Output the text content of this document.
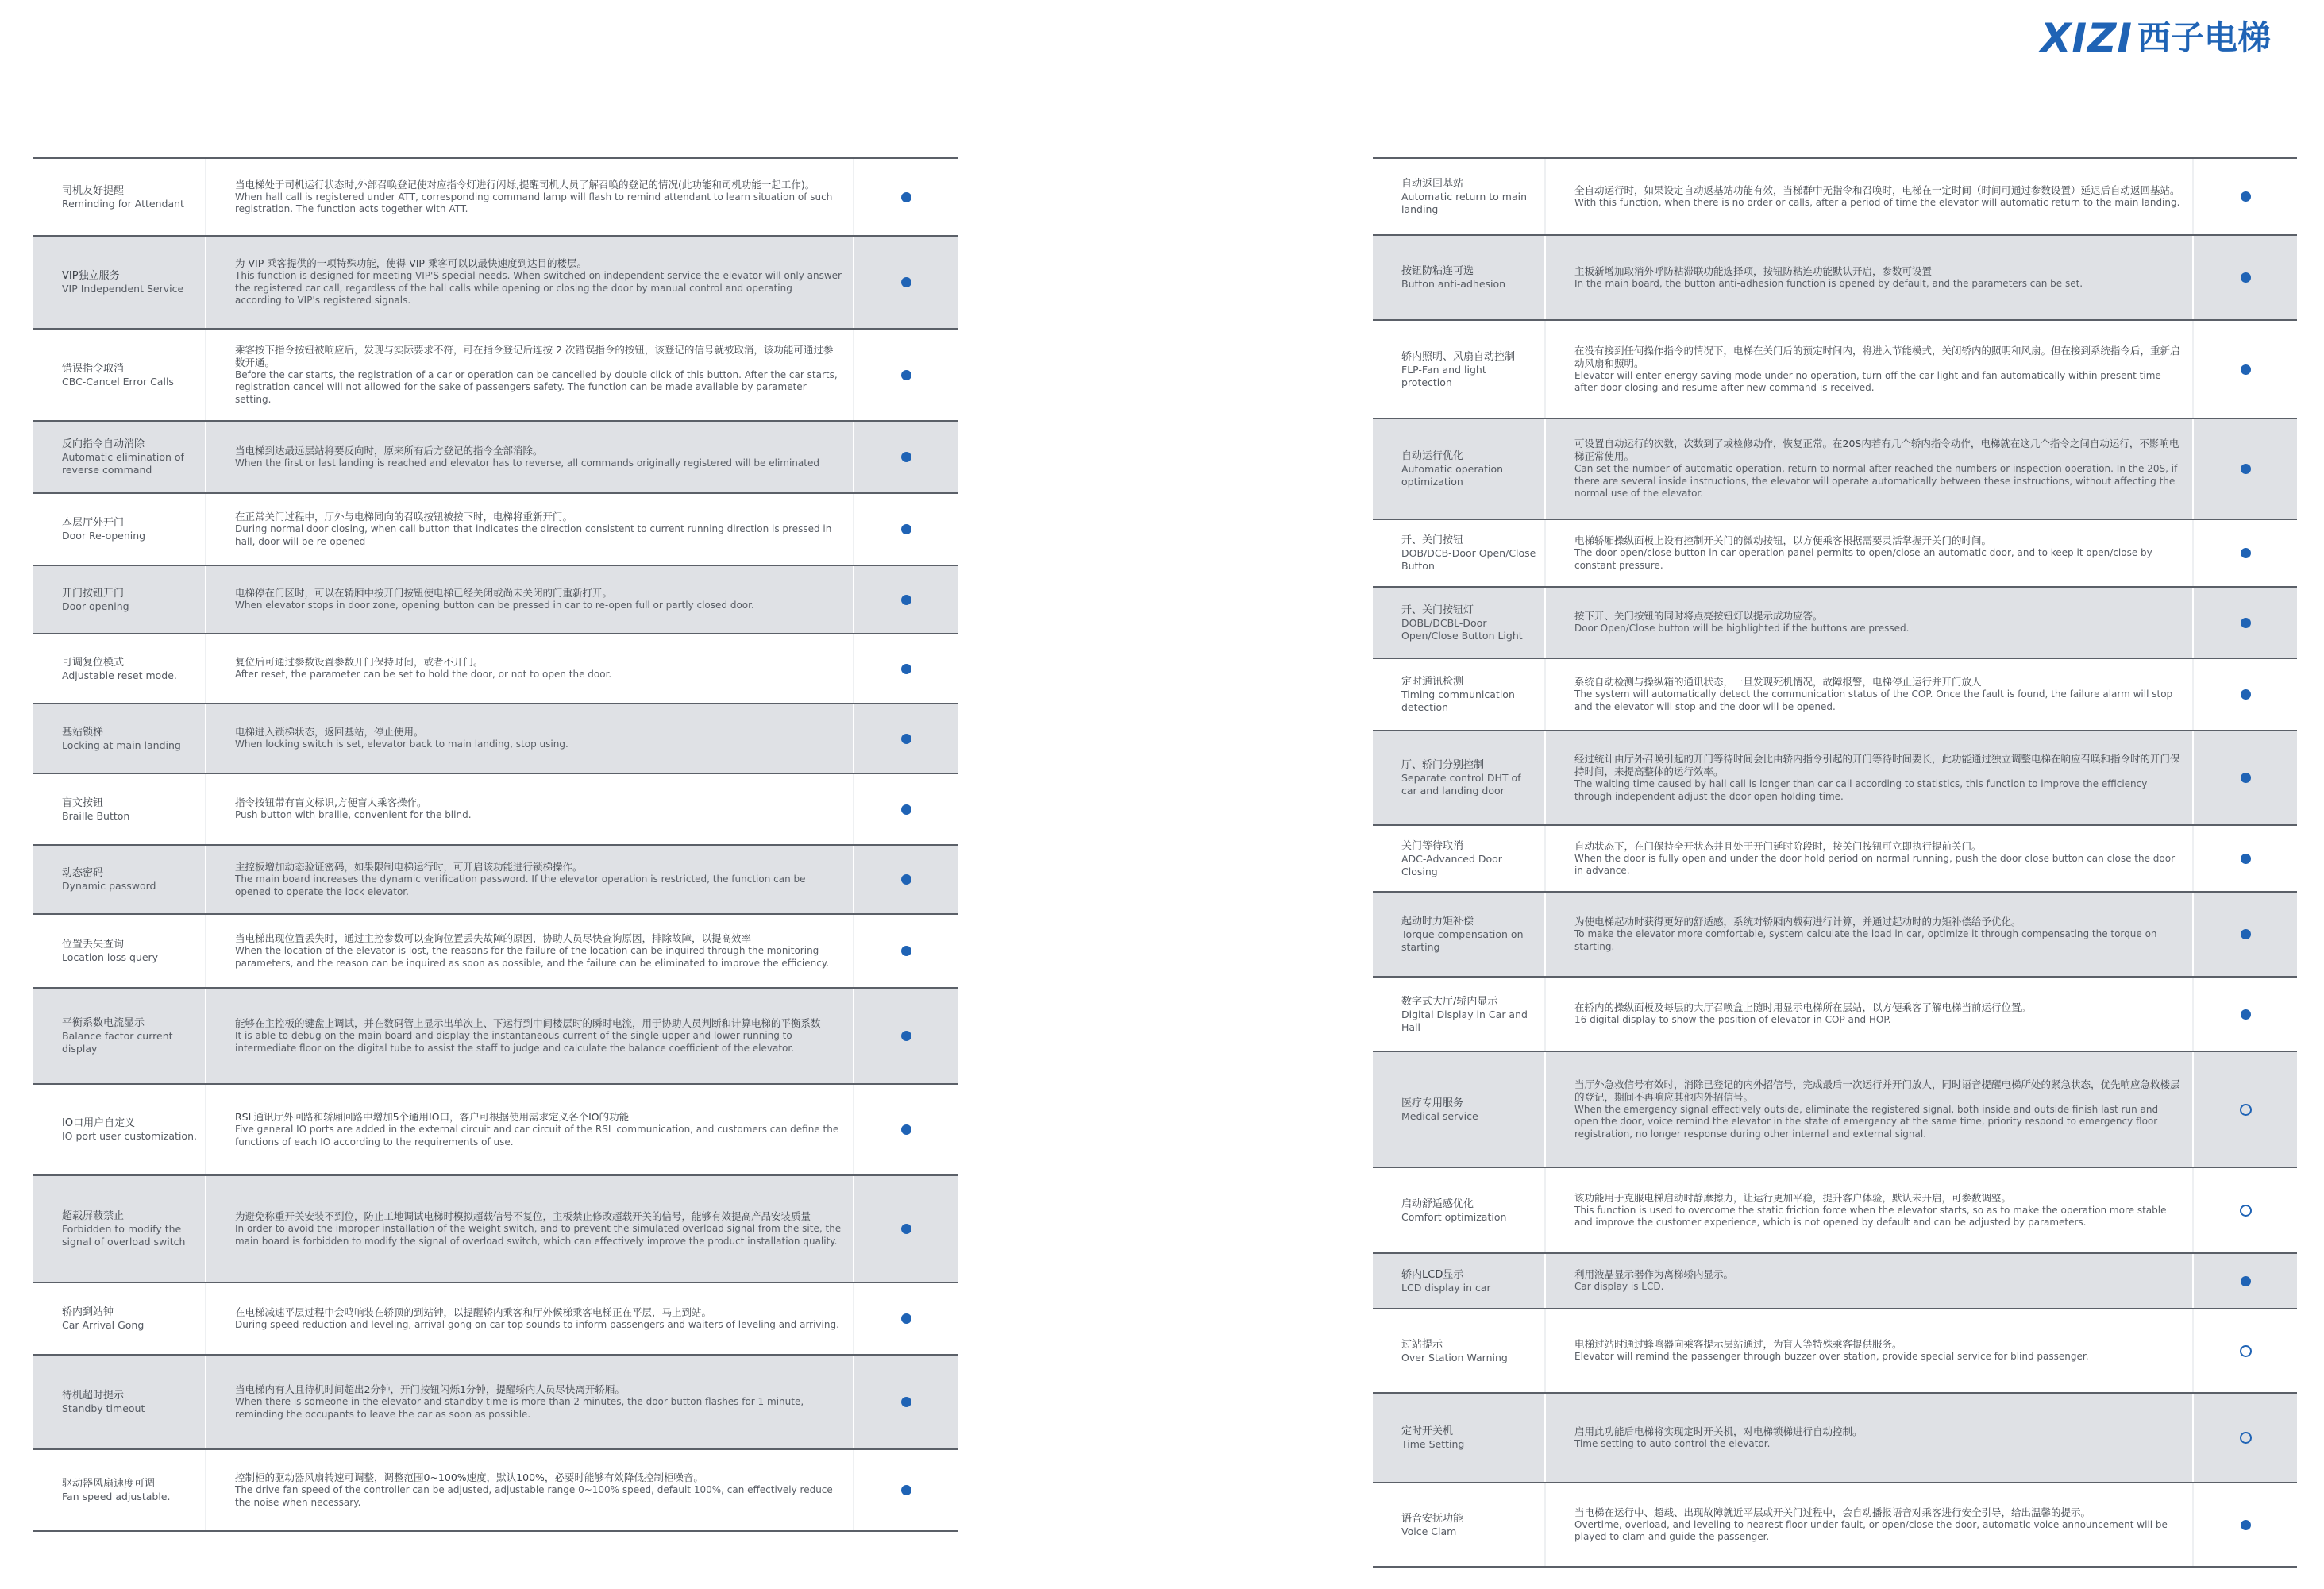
XIZI 西子电梯
司机友好提醒
Reminding for Attendant
当电梯处于司机运行状态时,外部召唤登记使对应指令灯进行闪烁,提醒司机人员了解召唤的登记的情况(此功能和司机功能一起工作)。
When hall call is registered under ATT, corresponding command lamp will flash to remind attendant to learn situation of such registration. The function acts together with ATT.
VIP独立服务
VIP Independent Service
为 VIP 乘客提供的一项特殊功能，使得 VIP 乘客可以以最快速度到达目的楼层。
This function is designed for meeting VIP'S special needs. When switched on independent service the elevator will only answer the registered car call, regardless of the hall calls while opening or closing the door by manual control and operating according to VIP's registered signals.
错误指令取消
CBC-Cancel Error Calls
乘客按下指令按钮被响应后，发现与实际要求不符，可在指令登记后连按 2 次错误指令的按钮，该登记的信号就被取消，该功能可通过参数开通。
Before the car starts, the registration of a car or operation can be cancelled by double click of this button. After the car starts, registration cancel will not allowed for the sake of passengers safety. The function can be made available by parameter setting.
反向指令自动消除
Automatic elimination of reverse command
当电梯到达最远层站将要反向时，原来所有后方登记的指令全部消除。
When the first or last landing is reached and elevator has to reverse, all commands originally registered will be eliminated
本层厅外开门
Door Re-opening
在正常关门过程中，厅外与电梯同向的召唤按钮被按下时，电梯将重新开门。
During normal door closing, when call button that indicates the direction consistent to current running direction is pressed in hall, door will be re-opened
开门按钮开门
Door opening
电梯停在门区时，可以在轿厢中按开门按钮使电梯已经关闭或尚未关闭的门重新打开。
When elevator stops in door zone, opening button can be pressed in car to re-open full or partly closed door.
可调复位模式
Adjustable reset mode.
复位后可通过参数设置参数开门保持时间，或者不开门。
After reset, the parameter can be set to hold the door, or not to open the door.
基站锁梯
Locking at main landing
电梯进入锁梯状态，返回基站，停止使用。
When locking switch is set, elevator back to main landing, stop using.
盲文按钮
Braille Button
指令按钮带有盲文标识,方便盲人乘客操作。
Push button with braille, convenient for the blind.
动态密码
Dynamic password
主控板增加动态验证密码，如果限制电梯运行时，可开启该功能进行锁梯操作。
The main board increases the dynamic verification password. If the elevator operation is restricted, the function can be opened to operate the lock elevator.
位置丢失查询
Location loss query
当电梯出现位置丢失时，通过主控参数可以查询位置丢失故障的原因，协助人员尽快查询原因，排除故障，以提高效率
When the location of the elevator is lost, the reasons for the failure of the location can be inquired through the monitoring parameters, and the reason can be inquired as soon as possible, and the failure can be eliminated to improve the efficiency.
平衡系数电流显示
Balance factor current display
能够在主控板的键盘上调试，并在数码管上显示出单次上、下运行到中间楼层时的瞬时电流，用于协助人员判断和计算电梯的平衡系数
It is able to debug on the main board and display the instantaneous current of the single upper and lower running to intermediate floor on the digital tube to assist the staff to judge and calculate the balance coefficient of the elevator.
IO口用户自定义
IO port user customization.
RSL通讯厅外回路和轿厢回路中增加5个通用IO口，客户可根据使用需求定义各个IO的功能
Five general IO ports are added in the external circuit and car circuit of the RSL communication, and customers can define the functions of each IO according to the requirements of use.
超载屏蔽禁止
Forbidden to modify the signal of overload switch
为避免称重开关安装不到位，防止工地调试电梯时模拟超载信号不复位，主板禁止修改超载开关的信号，能够有效提高产品安装质量
In order to avoid the improper installation of the weight switch, and to prevent the simulated overload signal from the site, the main board is forbidden to modify the signal of overload switch, which can effectively improve the product installation quality.
轿内到站钟
Car Arrival Gong
在电梯减速平层过程中会鸣响装在轿顶的到站钟，以提醒轿内乘客和厅外候梯乘客电梯正在平层，马上到站。
During speed reduction and leveling, arrival gong on car top sounds to inform passengers and waiters of leveling and arriving.
待机超时提示
Standby timeout
当电梯内有人且待机时间超出2分钟，开门按钮闪烁1分钟，提醒轿内人员尽快离开轿厢。
When there is someone in the elevator and standby time is more than 2 minutes, the door button flashes for 1 minute, reminding the occupants to leave the car as soon as possible.
驱动器风扇速度可调
Fan speed adjustable.
控制柜的驱动器风扇转速可调整，调整范围0~100%速度，默认100%，必要时能够有效降低控制柜噪音。
The drive fan speed of the controller can be adjusted, adjustable range 0~100% speed, default 100%, can effectively reduce the noise when necessary.
自动返回基站
Automatic return to main landing
全自动运行时，如果设定自动返基站功能有效，当梯群中无指令和召唤时，电梯在一定时间（时间可通过参数设置）延迟后自动返回基站。
With this function, when there is no order or calls, after a period of time the elevator will automatic return to the main landing.
按钮防粘连可选
Button anti-adhesion
主板新增加取消外呼防粘滞联功能选择项，按钮防粘连功能默认开启，参数可设置
In the main board, the button anti-adhesion function is opened by default, and the parameters can be set.
轿内照明、风扇自动控制
FLP-Fan and light protection
在没有接到任何操作指令的情况下，电梯在关门后的预定时间内，将进入节能模式，关闭轿内的照明和风扇。但在接到系统指令后，重新启动风扇和照明。
Elevator will enter energy saving mode under no operation, turn off the car light and fan automatically within present time after door closing and resume after new command is received.
自动运行优化
Automatic operation optimization
可设置自动运行的次数，次数到了或检修动作，恢复正常。在20S内若有几个轿内指令动作，电梯就在这几个指令之间自动运行，不影响电梯正常使用。
Can set the number of automatic operation, return to normal after reached the numbers or inspection operation. In the 20S, if there are several inside instructions, the elevator will operate automatically between these instructions, without affecting the normal use of the elevator.
开、关门按钮
DOB/DCB-Door Open/Close Button
电梯轿厢操纵面板上设有控制开关门的微动按钮，以方便乘客根据需要灵活掌握开关门的时间。
The door open/close button in car operation panel permits to open/close an automatic door, and to keep it open/close by constant pressure.
开、关门按钮灯
DOBL/DCBL-Door Open/Close Button Light
按下开、关门按钮的同时将点亮按钮灯以提示成功应答。
Door Open/Close button will be highlighted if the buttons are pressed.
定时通讯检测
Timing communication detection
系统自动检测与操纵箱的通讯状态，一旦发现死机情况，故障报警，电梯停止运行并开门放人
The system will automatically detect the communication status of the COP. Once the fault is found, the failure alarm will stop and the elevator will stop and the door will be opened.
厅、轿门分别控制
Separate control DHT of car and landing door
经过统计由厅外召唤引起的开门等待时间会比由轿内指令引起的开门等待时间要长，此功能通过独立调整电梯在响应召唤和指令时的开门保持时间，来提高整体的运行效率。
The waiting time caused by hall call is longer than car call according to statistics, this function to improve the efficiency through independent adjust the door open holding time.
关门等待取消
ADC-Advanced Door Closing
自动状态下，在门保持全开状态并且处于开门延时阶段时，按关门按钮可立即执行提前关门。
When the door is fully open and under the door hold period on normal running, push the door close button can close the door in advance.
起动时力矩补偿
Torque compensation on starting
为使电梯起动时获得更好的舒适感，系统对轿厢内载荷进行计算，并通过起动时的力矩补偿给予优化。
To make the elevator more comfortable, system calculate the load in car, optimize it through compensating the torque on starting.
数字式大厅/轿内显示
Digital Display in Car and Hall
在轿内的操纵面板及每层的大厅召唤盒上随时用显示电梯所在层站，以方便乘客了解电梯当前运行位置。
16 digital display to show the position of elevator in COP and HOP.
医疗专用服务
Medical service
当厅外急救信号有效时，消除已登记的内外招信号，完成最后一次运行并开门放人，同时语音提醒电梯所处的紧急状态，优先响应急救楼层的登记，期间不再响应其他内外招信号。
When the emergency signal effectively outside, eliminate the registered signal, both inside and outside finish last run and open the door, voice remind the elevator in the state of emergency at the same time, priority respond to emergency floor registration, no longer response during other internal and external signal.
启动舒适感优化
Comfort optimization
该功能用于克服电梯启动时静摩擦力，让运行更加平稳，提升客户体验，默认未开启，可参数调整。
This function is used to overcome the static friction force when the elevator starts, so as to make the operation more stable and improve the customer experience, which is not opened by default and can be adjusted by parameters.
轿内LCD显示
LCD display in car
利用液晶显示器作为离梯轿内显示。
Car display is LCD.
过站提示
Over Station Warning
电梯过站时通过蜂鸣器向乘客提示层站通过，为盲人等特殊乘客提供服务。
Elevator will remind the passenger through buzzer over station, provide special service for blind passenger.
定时开关机
Time Setting
启用此功能后电梯将实现定时开关机，对电梯锁梯进行自动控制。
Time setting to auto control the elevator.
语音安抚功能
Voice Clam
当电梯在运行中、超载、出现故障就近平层或开关门过程中，会自动播报语音对乘客进行安全引导，给出温馨的提示。
Overtime, overload, and leveling to nearest floor under fault, or open/close the door, automatic voice announcement will be played to clam and guide the passenger.
